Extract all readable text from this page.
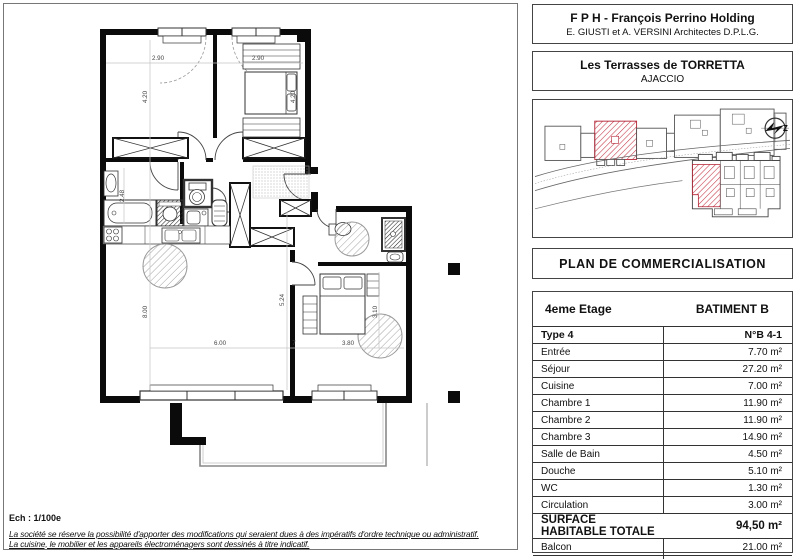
2.90	2.90
4.20	4.20
2.48
8.00
5.24
6.00	7	3.80
3.10
Ech : 1/100e
La société se réserve la possibilité d'apporter des modifications qui seraient dues à des impératifs d'ordre technique ou administratif.
La cuisine, le mobilier et les appareils électroménagers sont dessinés à titre indicatif.
F P H - François Perrino Holding
E. GIUSTI et A. VERSINI Architectes D.P.L.G.
Les Terrasses de TORRETTA
AJACCIO
Z
PLAN DE COMMERCIALISATION
4eme Etage	BATIMENT B
Type 4	N°B 4-1
Entrée	7.70 m²
Séjour	27.20 m²
Cuisine	7.00 m²
Chambre 1	11.90 m²
Chambre 2	11.90 m²
Chambre 3	14.90 m²
Salle de Bain	4.50 m²
Douche	5.10 m²
WC	1.30 m²
Circulation	3.00 m²
SURFACE HABITABLE TOTALE	94,50 m²
Balcon	21.00 m²
